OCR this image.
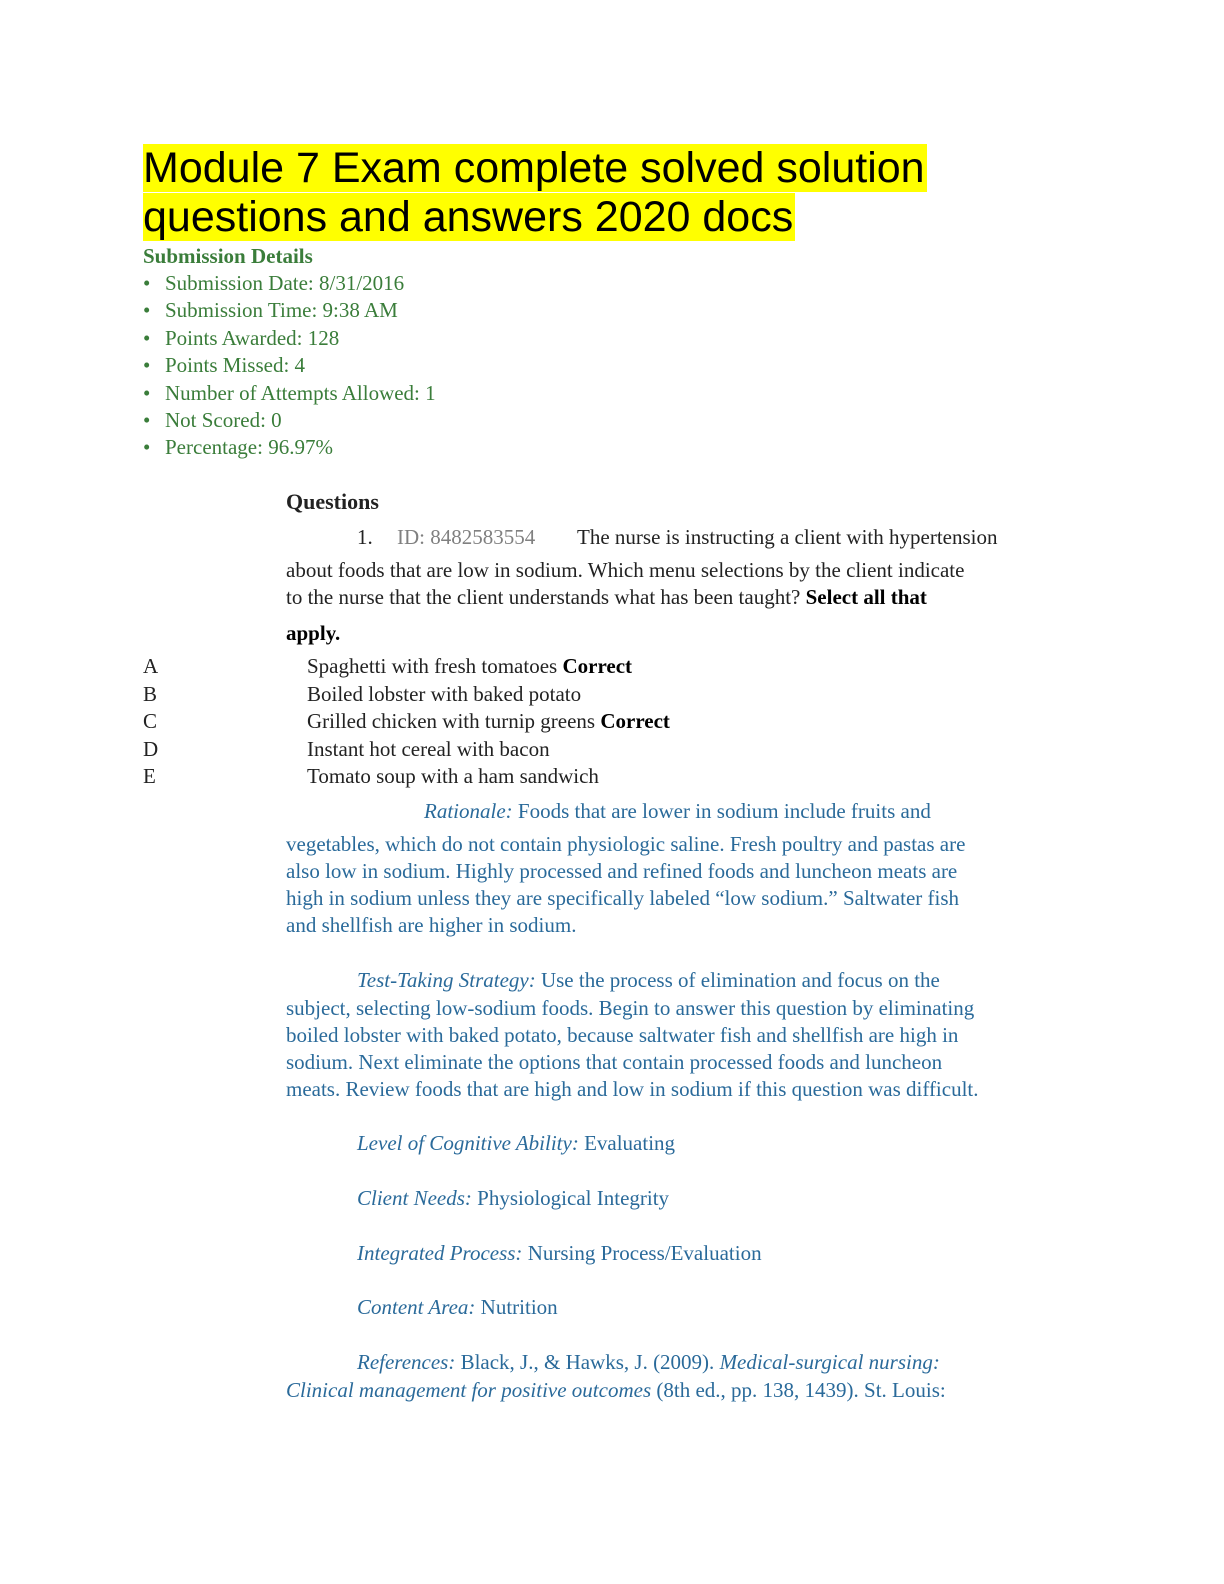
Module 7 Exam complete solved solution
questions and answers 2020 docs
Submission Details
• Submission Date: 8/31/2016
• Submission Time: 9:38 AM
• Points Awarded: 128
• Points Missed: 4
• Number of Attempts Allowed: 1
• Not Scored: 0
• Percentage: 96.97%
Questions
1. ID: 8482583554 The nurse is instructing a client with hypertension
about foods that are low in sodium. Which menu selections by the client indicate
to the nurse that the client understands what has been taught? Select all that
apply.
A	Spaghetti with fresh tomatoes Correct
B	Boiled lobster with baked potato
C	Grilled chicken with turnip greens Correct
D	Instant hot cereal with bacon
E	Tomato soup with a ham sandwich
Rationale: Foods that are lower in sodium include fruits and
vegetables, which do not contain physiologic saline. Fresh poultry and pastas are
also low in sodium. Highly processed and refined foods and luncheon meats are
high in sodium unless they are specifically labeled “low sodium.” Saltwater fish
and shellfish are higher in sodium.
Test-Taking Strategy: Use the process of elimination and focus on the
subject, selecting low-sodium foods. Begin to answer this question by eliminating
boiled lobster with baked potato, because saltwater fish and shellfish are high in
sodium. Next eliminate the options that contain processed foods and luncheon
meats. Review foods that are high and low in sodium if this question was difficult.
Level of Cognitive Ability: Evaluating
Client Needs: Physiological Integrity
Integrated Process: Nursing Process/Evaluation
Content Area: Nutrition
References: Black, J., & Hawks, J. (2009). Medical-surgical nursing:
Clinical management for positive outcomes (8th ed., pp. 138, 1439). St. Louis:
